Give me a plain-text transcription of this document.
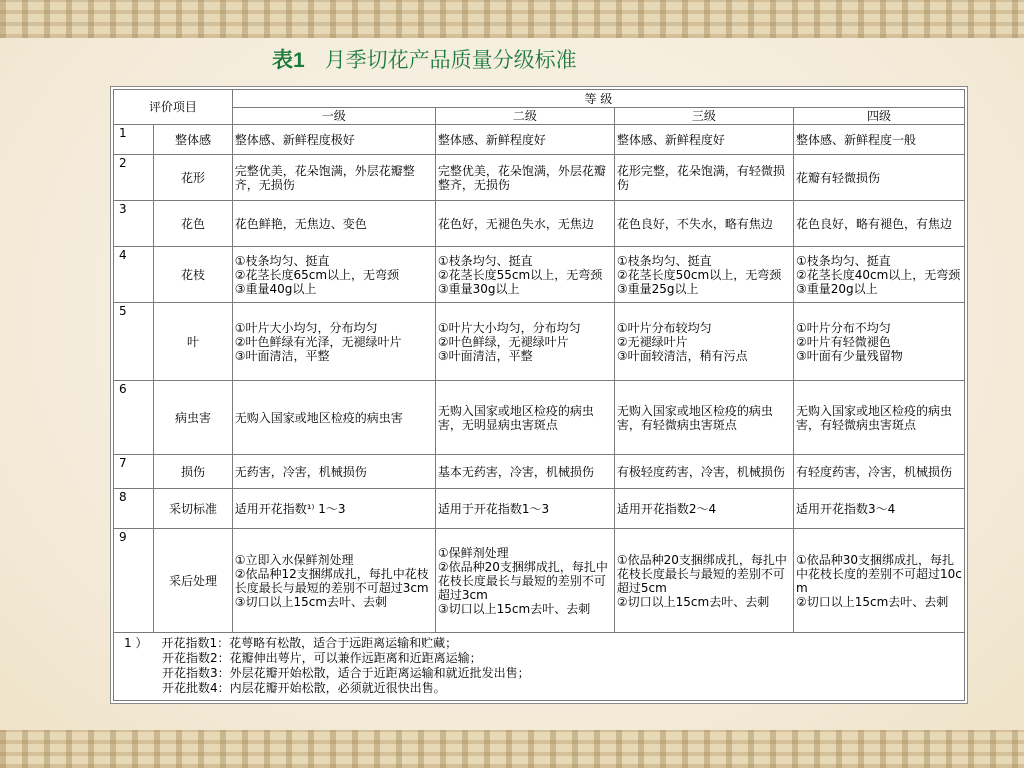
表1 月季切花产品质量分级标准
评价项目		等 级			
		一级	二级	三级	四级
1	整体感	整体感、新鲜程度极好	整体感、新鲜程度好	整体感、新鲜程度好	整体感、新鲜程度一般
2	花形	完整优美，花朵饱满，外层花瓣整齐，无损伤	完整优美，花朵饱满，外层花瓣整齐，无损伤	花形完整，花朵饱满，有轻微损伤	花瓣有轻微损伤
3	花色	花色鲜艳，无焦边、变色	花色好，无褪色失水，无焦边	花色良好，不失水，略有焦边	花色良好，略有褪色，有焦边
4	花枝	①枝条均匀、挺直
②花茎长度65cm以上，无弯颈
③重量40g以上	①枝条均匀、挺直
②花茎长度55cm以上，无弯颈
③重量30g以上	①枝条均匀、挺直
②花茎长度50cm以上，无弯颈
③重量25g以上	①枝条均匀、挺直
②花茎长度40cm以上，无弯颈
③重量20g以上
5	叶	①叶片大小均匀，分布均匀
②叶色鲜绿有光泽，无褪绿叶片
③叶面清洁，平整	①叶片大小均匀，分布均匀
②叶色鲜绿，无褪绿叶片
③叶面清洁，平整	①叶片分布较均匀
②无褪绿叶片
③叶面较清洁，稍有污点	①叶片分布不均匀
②叶片有轻微褪色
③叶面有少量残留物
6	病虫害	无购入国家或地区检疫的病虫害	无购入国家或地区检疫的病虫害，无明显病虫害斑点	无购入国家或地区检疫的病虫害，有轻微病虫害斑点	无购入国家或地区检疫的病虫害，有轻微病虫害斑点
7	损伤	无药害，冷害，机械损伤	基本无药害，冷害，机械损伤	有极轻度药害，冷害，机械损伤	有轻度药害，冷害，机械损伤
8	采切标准	适用开花指数¹⁾ 1～3	适用于开花指数1～3	适用开花指数2～4	适用开花指数3～4
9	采后处理	①立即入水保鲜剂处理
②依品种12支捆绑成扎，每扎中花枝长度最长与最短的差别不可超过3cm
③切口以上15cm去叶、去刺	①保鲜剂处理
②依品种20支捆绑成扎，每扎中花枝长度最长与最短的差别不可超过3cm
③切口以上15cm去叶、去刺	①依品种20支捆绑成扎，每扎中花枝长度最长与最短的差别不可超过5cm
②切口以上15cm去叶、去刺	①依品种30支捆绑成扎，每扎中花枝长度的差别不可超过10cm
②切口以上15cm去叶、去刺
1 ） 开花指数1：花萼略有松散，适合于远距离运输和贮藏；
开花指数2：花瓣伸出萼片，可以兼作远距离和近距离运输；
开花指数3：外层花瓣开始松散，适合于近距离运输和就近批发出售；
开花批数4：内层花瓣开始松散，必须就近很快出售。
